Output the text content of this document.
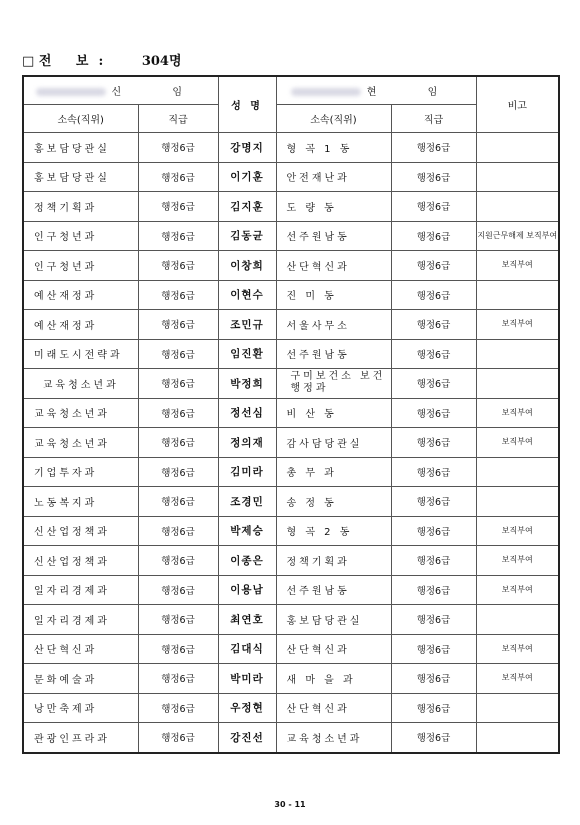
□ 전 보: 304명
신 임		성 명	현 임		비고
소속(직위)	직급		소속(직위)	직급	
홍보담당관실	행정6급	강명지	형 곡 1 동	행정6급	
홍보담당관실	행정6급	이기훈	안전재난과	행정6급	
정책기획과	행정6급	김지훈	도 량 동	행정6급	
인구청년과	행정6급	김동균	선주원남동	행정6급	지원근무해제 보직부여
인구청년과	행정6급	이창희	산단혁신과	행정6급	보직부여
예산재정과	행정6급	이현수	진 미 동	행정6급	
예산재정과	행정6급	조민규	서울사무소	행정6급	보직부여
미래도시전략과	행정6급	임진환	선주원남동	행정6급	
교육청소년과	행정6급	박정희	구미보건소 보건행정과	행정6급	
교육청소년과	행정6급	정선심	비 산 동	행정6급	보직부여
교육청소년과	행정6급	정의재	감사담당관실	행정6급	보직부여
기업투자과	행정6급	김미라	총 무 과	행정6급	
노동복지과	행정6급	조경민	송 정 동	행정6급	
신산업정책과	행정6급	박제승	형 곡 2 동	행정6급	보직부여
신산업정책과	행정6급	이종은	정책기획과	행정6급	보직부여
일자리경제과	행정6급	이용남	선주원남동	행정6급	보직부여
일자리경제과	행정6급	최연호	홍보담당관실	행정6급	
산단혁신과	행정6급	김대식	산단혁신과	행정6급	보직부여
문화예술과	행정6급	박미라	새 마 을 과	행정6급	보직부여
낭만축제과	행정6급	우정현	산단혁신과	행정6급	
관광인프라과	행정6급	강진선	교육청소년과	행정6급	
30 - 11
